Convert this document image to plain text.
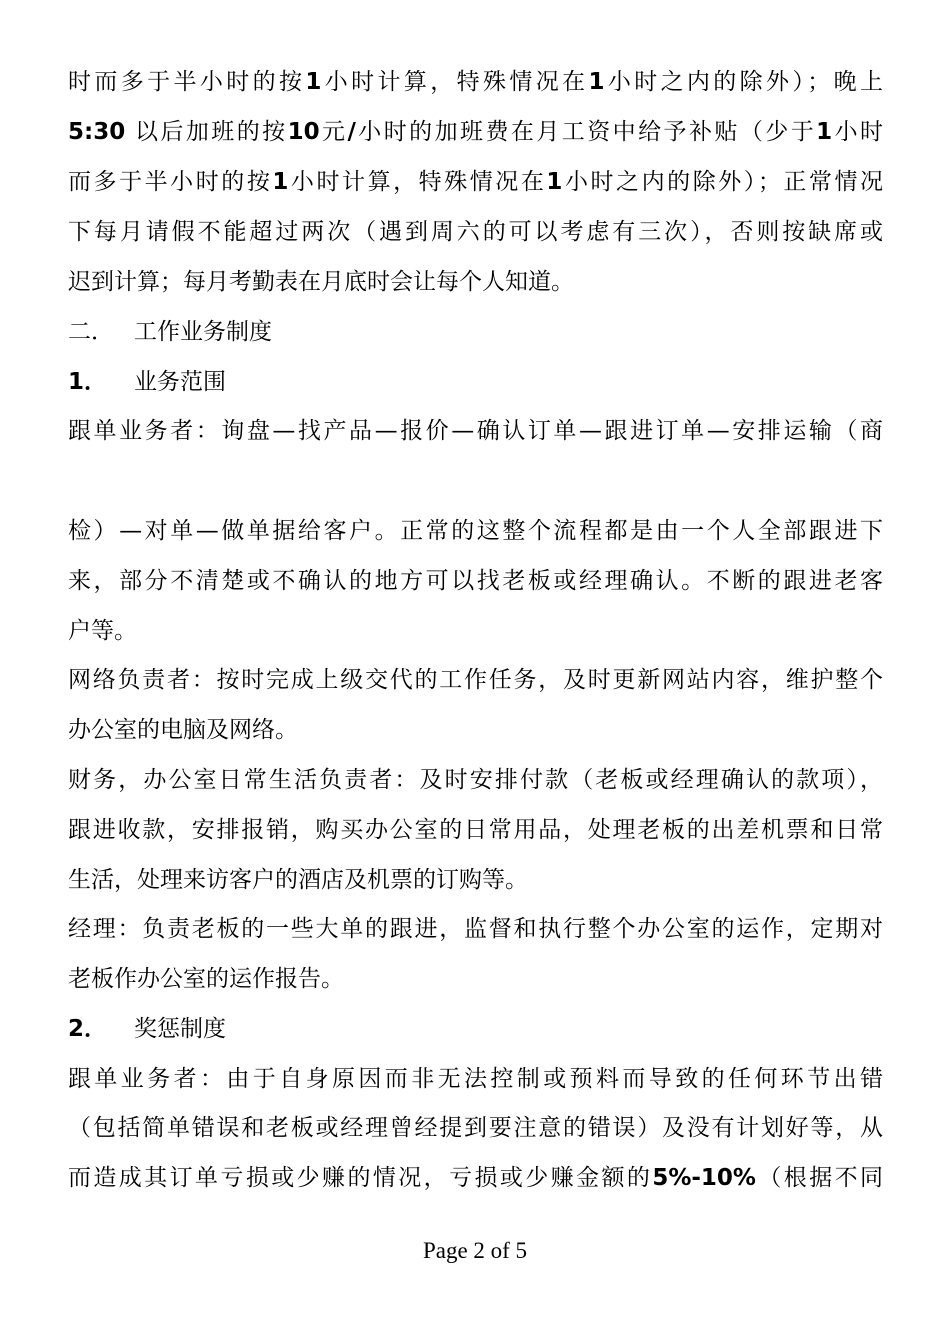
时而多于半小时的按1小时计算，特殊情况在1小时之内的除外）；晚上
5:30 以后加班的按10元/小时的加班费在月工资中给予补贴（少于1小时
而多于半小时的按1小时计算，特殊情况在1小时之内的除外）；正常情况
下每月请假不能超过两次（遇到周六的可以考虑有三次），否则按缺席或
迟到计算；每月考勤表在月底时会让每个人知道。
二． 工作业务制度
1． 业务范围
跟单业务者：询盘—找产品—报价—确认订单—跟进订单—安排运输（商
检）—对单—做单据给客户。正常的这整个流程都是由一个人全部跟进下
来，部分不清楚或不确认的地方可以找老板或经理确认。不断的跟进老客
户等。
网络负责者：按时完成上级交代的工作任务，及时更新网站内容，维护整个
办公室的电脑及网络。
财务，办公室日常生活负责者：及时安排付款（老板或经理确认的款项），
跟进收款，安排报销，购买办公室的日常用品，处理老板的出差机票和日常
生活，处理来访客户的酒店及机票的订购等。
经理：负责老板的一些大单的跟进，监督和执行整个办公室的运作，定期对
老板作办公室的运作报告。
2． 奖惩制度
跟单业务者：由于自身原因而非无法控制或预料而导致的任何环节出错
（包括简单错误和老板或经理曾经提到要注意的错误）及没有计划好等，从
而造成其订单亏损或少赚的情况，亏损或少赚金额的5%-10%（根据不同
Page 2 of 5
